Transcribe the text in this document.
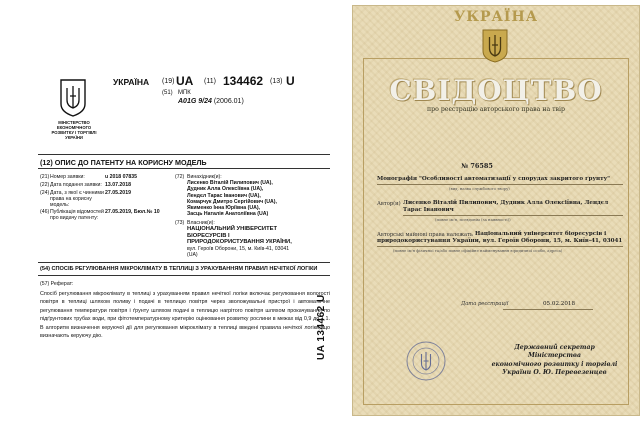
МІНІСТЕРСТВО
ЕКОНОМІЧНОГО
РОЗВИТКУ І ТОРГІВЛІ
УКРАЇНИ
УКРАЇНА (19) UA (11) 134462 (13) U
(51) МПК
A01G 9/24 (2006.01)
(12) ОПИС ДО ПАТЕНТУ НА КОРИСНУ МОДЕЛЬ
(21) Номер заявки:	u 2018 07835
(22) Дата подання заявки: 13.07.2018
(24) Дата, з якої є чинними права на корисну модель:
27.05.2019
(46) Публікація відомостей про видачу патенту:
27.05.2019, Бюл.№ 10
(72) Винахідник(и):
Лисенко Віталій Пилипович (UA),
Дудник Алла Олексіївна (UA),
Лендєл Тарас Іванович (UA),
Комарчук Дмитро Сергійович (UA),
Якименко Інна Юріївна (UA),
Засць Наталія Анатоліївна (UA)
(73) Власник(и):
НАЦІОНАЛЬНИЙ УНІВЕРСИТЕТ
БІОРЕСУРСІВ І
ПРИРОДОКОРИСТУВАННЯ УКРАЇНИ,
вул. Героїв Оборони, 15, м. Київ-41, 03041
(UA)
(54) СПОСІБ РЕГУЛЮВАННЯ МІКРОКЛІМАТУ В ТЕПЛИЦІ З УРАХУВАННЯМ ПРАВИЛ НЕЧІТКОЇ ЛОГІКИ
(57) Реферат:
Спосіб регулювання мікроклімату в теплиці з урахуванням правил нечіткої логіки включає регулювання вологості повітря в теплиці шляхом поливу і подачі в теплицю повітря через зволожувальні пристрої і автоматичне регулювання температури повітря і ґрунту шляхом подачі в теплицю нагрітого повітря шляхом прокачування по підґрунтових трубах води, при фітотемпературному критерію оцінювання розвитку рослини в межах від 0,9 до 1,1. В алгоритм визначення керуючої дії для регулювання мікроклімату в теплиці введені правила нечіткої логіки, що визначають керуючу дію.	UA 134462 U
УКРАЇНА
СВІДОЦТВО
про реєстрацію авторського права на твір
№ 76585
Монографія "Особливості автоматизації у спорудах закритого ґрунту"
(вид, назва службового твору)
Автор(и) Лисенко Віталій Пилипович, Дудник Алла Олексіївна, Лендєл Тарас Іванович
(повне ім'я, псевдонім (за наявності))
Авторські майнові права належать Національний університет біоресурсів і природокористування України, вул. Героїв Оборони, 15, м. Київ-41, 03041
(повне ім'я фізичної та/або повне офіційне найменування юридичної особи, адреса)
Дата реєстрації	05.02.2018
Державний секретар Міністерства
економічного розвитку і торгівлі
України О. Ю. Перевезенцев
